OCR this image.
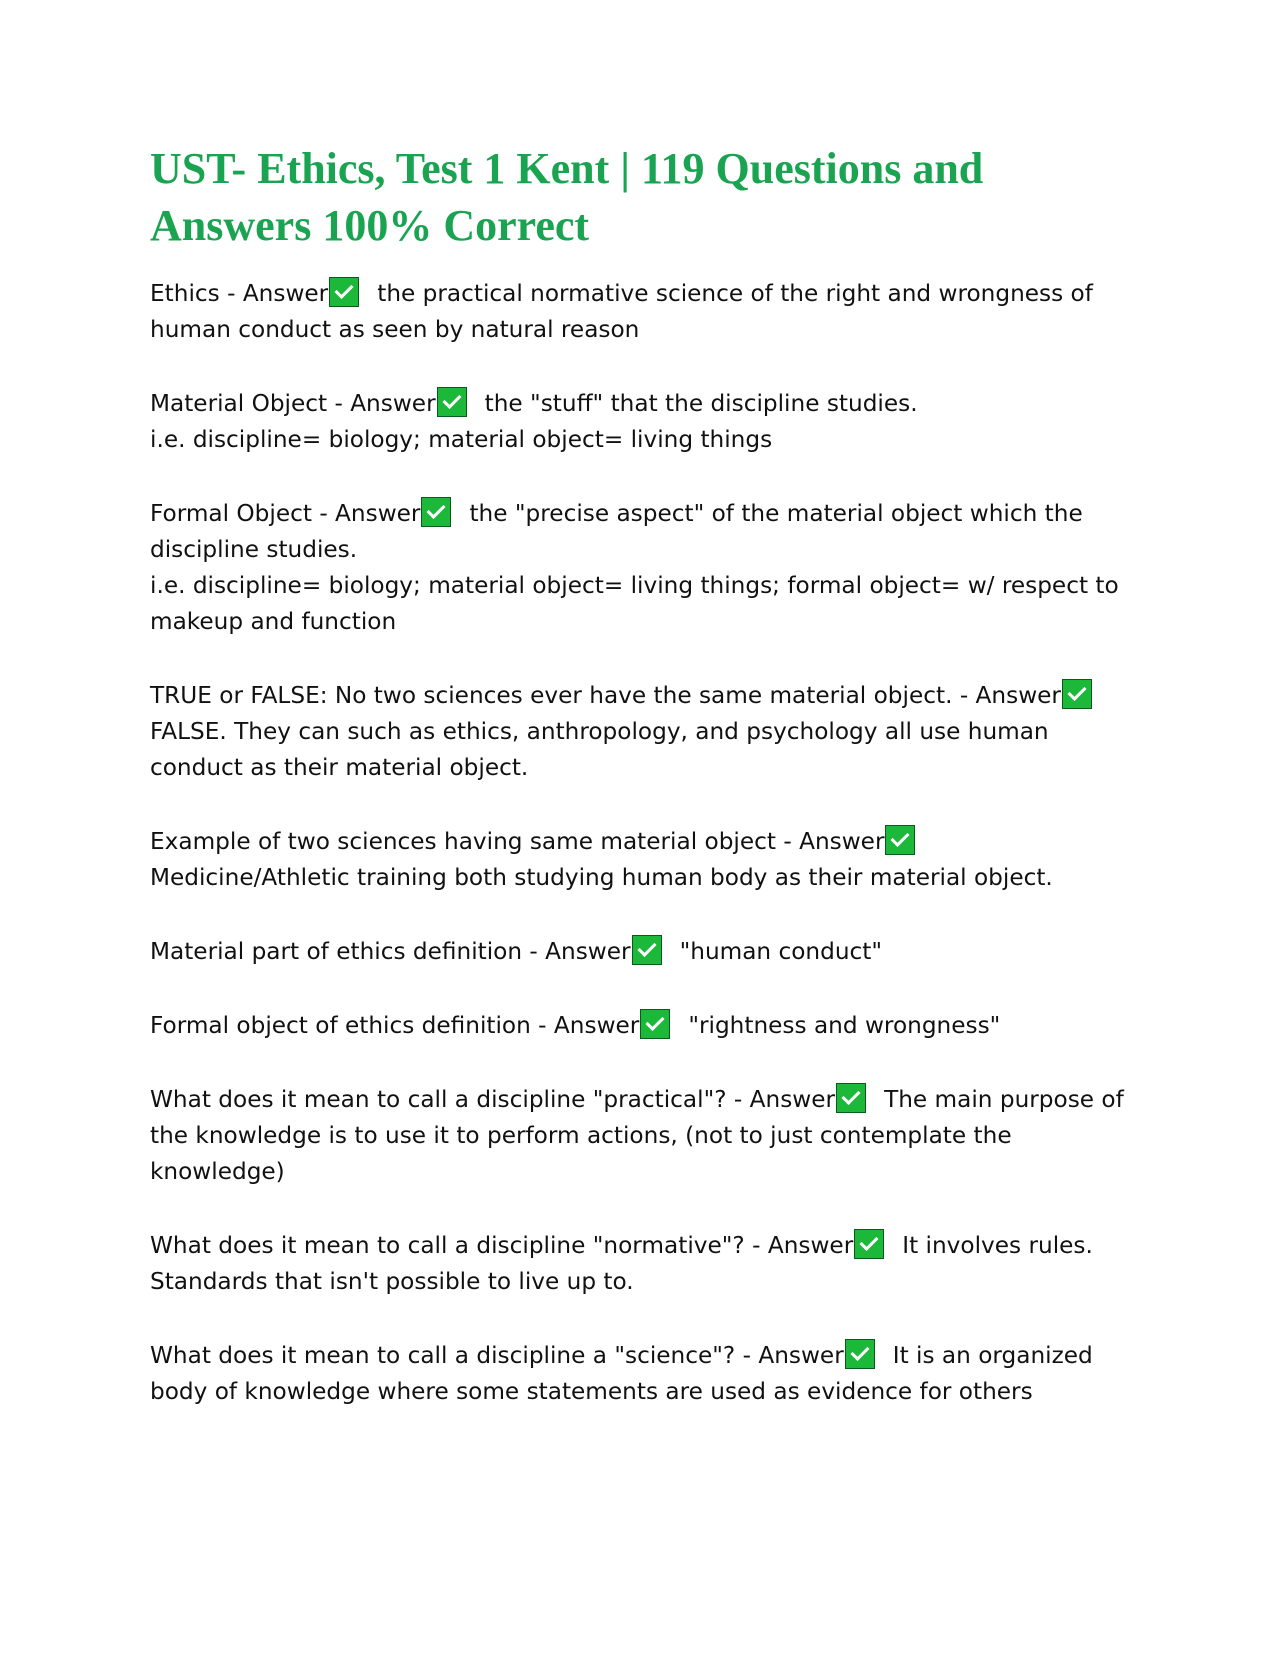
UST- Ethics, Test 1 Kent | 119 Questions and Answers 100% Correct
Ethics - Answer the practical normative science of the right and wrongness of human conduct as seen by natural reason
Material Object - Answer the "stuff" that the discipline studies.
i.e. discipline= biology; material object= living things
Formal Object - Answer the "precise aspect" of the material object which the discipline studies.
i.e. discipline= biology; material object= living things; formal object= w/ respect to makeup and function
TRUE or FALSE: No two sciences ever have the same material object. - Answer
FALSE. They can such as ethics, anthropology, and psychology all use human conduct as their material object.
Example of two sciences having same material object - Answer
Medicine/Athletic training both studying human body as their material object.
Material part of ethics definition - Answer "human conduct"
Formal object of ethics definition - Answer "rightness and wrongness"
What does it mean to call a discipline "practical"? - Answer The main purpose of the knowledge is to use it to perform actions, (not to just contemplate the knowledge)
What does it mean to call a discipline "normative"? - Answer It involves rules.
Standards that isn't possible to live up to.
What does it mean to call a discipline a "science"? - Answer It is an organized body of knowledge where some statements are used as evidence for others
